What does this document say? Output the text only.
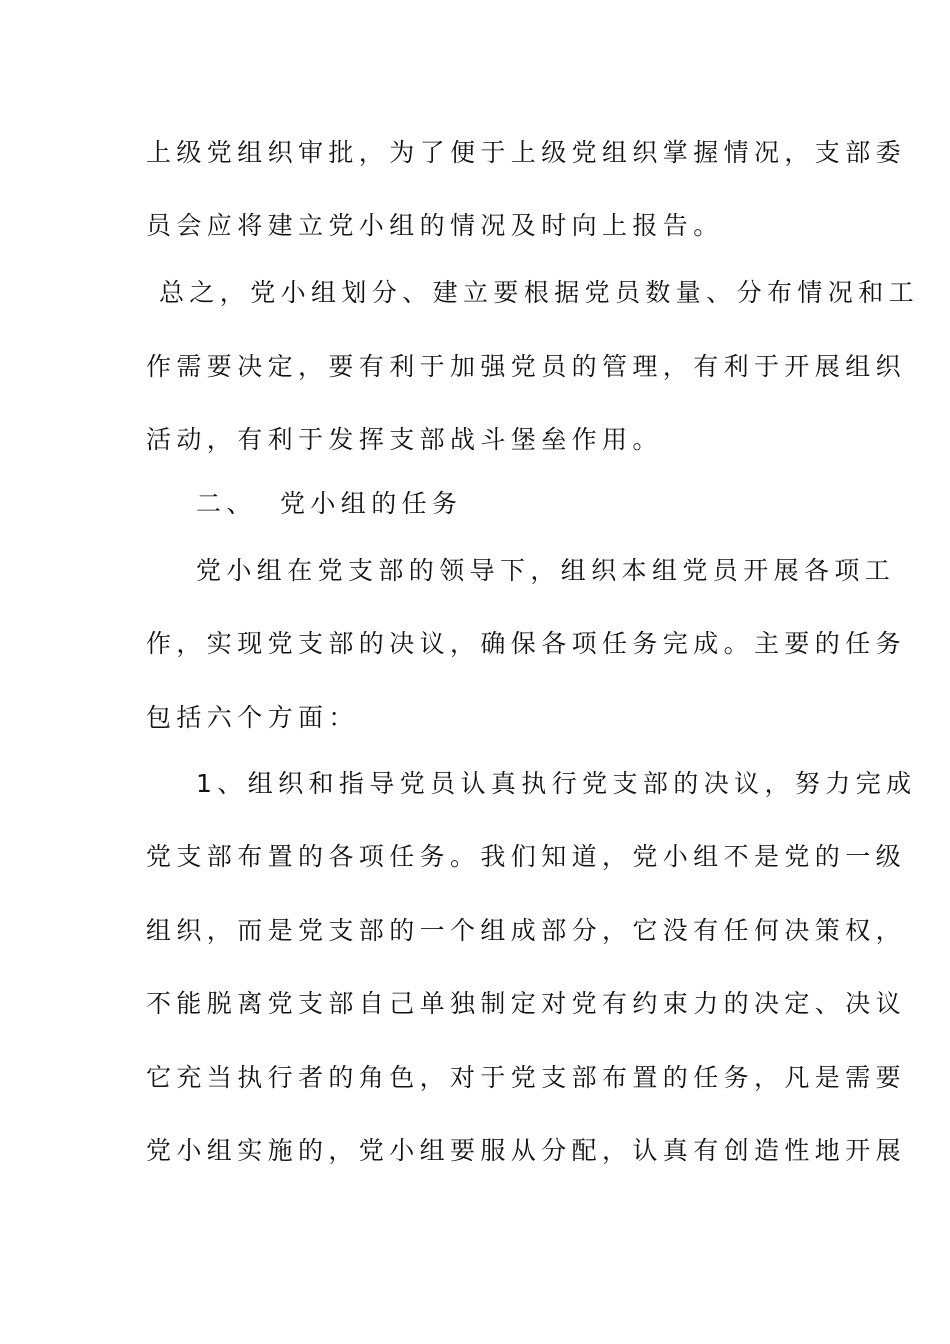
上级党组织审批，为了便于上级党组织掌握情况，支部委
员会应将建立党小组的情况及时向上报告。
总之，党小组划分、建立要根据党员数量、分布情况和工
作需要决定，要有利于加强党员的管理，有利于开展组织
活动，有利于发挥支部战斗堡垒作用。
二、 党小组的任务
党小组在党支部的领导下，组织本组党员开展各项工
作，实现党支部的决议，确保各项任务完成。主要的任务
包括六个方面：
1、组织和指导党员认真执行党支部的决议，努力完成
党支部布置的各项任务。我们知道，党小组不是党的一级
组织，而是党支部的一个组成部分，它没有任何决策权，
不能脱离党支部自己单独制定对党有约束力的决定、决议
它充当执行者的角色，对于党支部布置的任务，凡是需要
党小组实施的，党小组要服从分配，认真有创造性地开展
